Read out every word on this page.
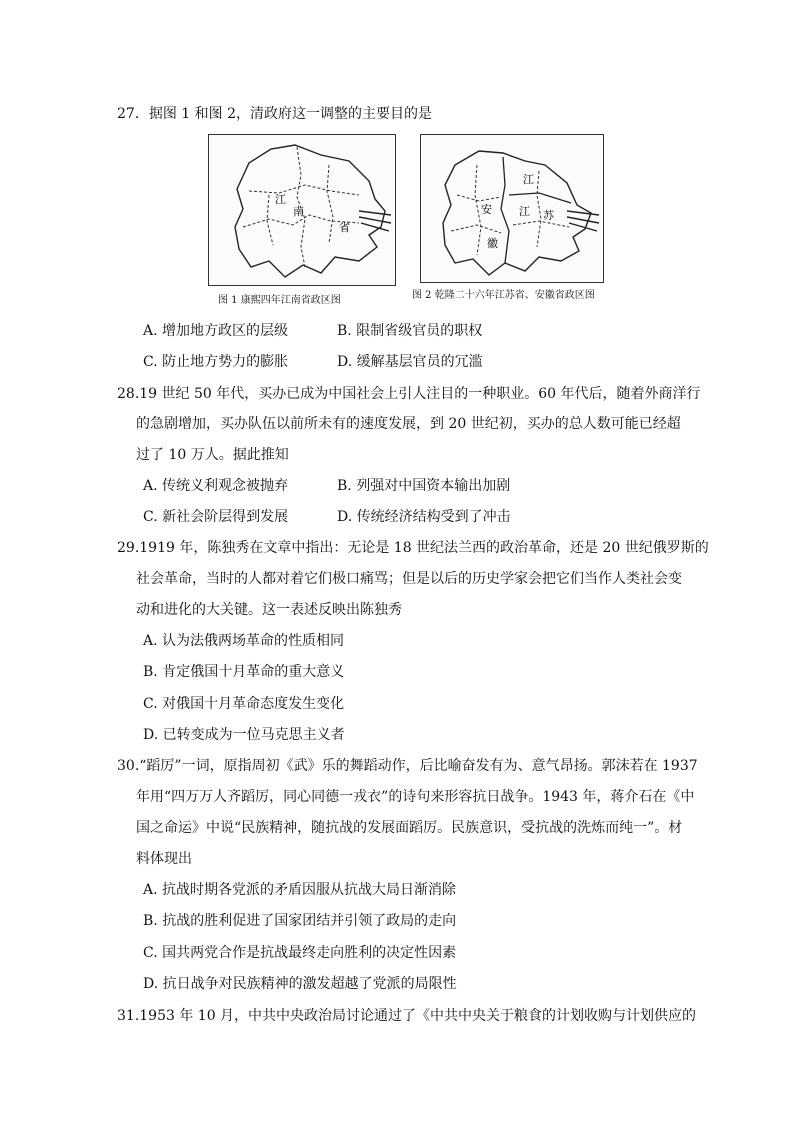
27．据图 1 和图 2，清政府这一调整的主要目的是
江
南
省
图 1 康熙四年江南省政区图
江
安 江 苏
徽
图 2 乾隆二十六年江苏省、安徽省政区图
A. 增加地方政区的层级	B. 限制省级官员的职权
C. 防止地方势力的膨胀	D. 缓解基层官员的冗滥
28.19 世纪 50 年代，买办已成为中国社会上引人注目的一种职业。60 年代后，随着外商洋行
的急剧增加，买办队伍以前所未有的速度发展，到 20 世纪初，买办的总人数可能已经超
过了 10 万人。据此推知
A. 传统义利观念被抛弃	B. 列强对中国资本输出加剧
C. 新社会阶层得到发展	D. 传统经济结构受到了冲击
29.1919 年，陈独秀在文章中指出：无论是 18 世纪法兰西的政治革命，还是 20 世纪俄罗斯的
社会革命，当时的人都对着它们极口痛骂；但是以后的历史学家会把它们当作人类社会变
动和进化的大关键。这一表述反映出陈独秀
A. 认为法俄两场革命的性质相同
B. 肯定俄国十月革命的重大意义
C. 对俄国十月革命态度发生变化
D. 已转变成为一位马克思主义者
30.“蹈厉”一词，原指周初《武》乐的舞蹈动作，后比喻奋发有为、意气昂扬。郭沫若在 1937
年用“四万万人齐蹈厉，同心同德一戎衣”的诗句来形容抗日战争。1943 年，蒋介石在《中
国之命运》中说“民族精神，随抗战的发展面蹈厉。民族意识，受抗战的洗炼而纯一”。材
料体现出
A. 抗战时期各党派的矛盾因服从抗战大局日渐消除
B. 抗战的胜利促进了国家团结并引领了政局的走向
C. 国共两党合作是抗战最终走向胜利的决定性因素
D. 抗日战争对民族精神的激发超越了党派的局限性
31.1953 年 10 月，中共中央政治局讨论通过了《中共中央关于粮食的计划收购与计划供应的
